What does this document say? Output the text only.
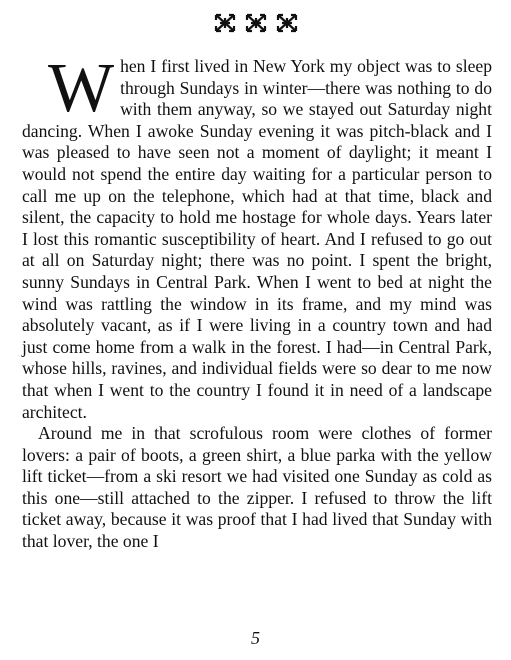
When I first lived in New York my object was to sleep through Sundays in winter—there was nothing to do with them anyway, so we stayed out Saturday night dancing. When I awoke Sunday evening it was pitch-black and I was pleased to have seen not a moment of daylight; it meant I would not spend the entire day waiting for a particular person to call me up on the telephone, which had at that time, black and silent, the capacity to hold me hostage for whole days. Years later I lost this romantic susceptibility of heart. And I refused to go out at all on Saturday night; there was no point. I spent the bright, sunny Sundays in Central Park. When I went to bed at night the wind was rattling the window in its frame, and my mind was absolutely vacant, as if I were living in a country town and had just come home from a walk in the forest. I had—in Central Park, whose hills, ravines, and individual fields were so dear to me now that when I went to the country I found it in need of a landscape architect.

Around me in that scrofulous room were clothes of former lovers: a pair of boots, a green shirt, a blue parka with the yellow lift ticket—from a ski resort we had visited one Sunday as cold as this one—still attached to the zipper. I refused to throw the lift ticket away, because it was proof that I had lived that Sunday with that lover, the one I

5
